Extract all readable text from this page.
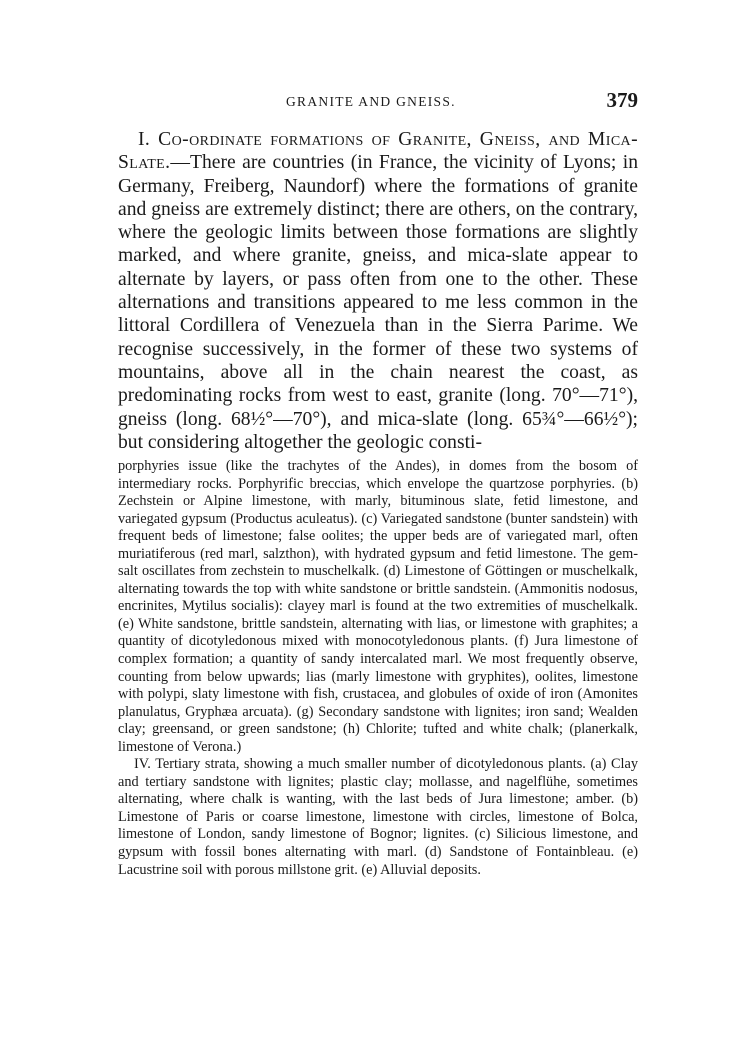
GRANITE AND GNEISS.	379

I. Co-ordinate formations of Granite, Gneiss, and Mica-Slate.—There are countries (in France, the vicinity of Lyons; in Germany, Freiberg, Naundorf) where the formations of granite and gneiss are extremely distinct; there are others, on the contrary, where the geologic limits between those formations are slightly marked, and where granite, gneiss, and mica-slate appear to alternate by layers, or pass often from one to the other. These alternations and transitions appeared to me less common in the littoral Cordillera of Venezuela than in the Sierra Parime. We recognise successively, in the former of these two systems of mountains, above all in the chain nearest the coast, as predominating rocks from west to east, granite (long. 70°—71°), gneiss (long. 68½°—70°), and mica-slate (long. 65¾°—66½°); but considering altogether the geologic consti-

porphyries issue (like the trachytes of the Andes), in domes from the bosom of intermediary rocks. Porphyrific breccias, which envelope the quartzose porphyries. (b) Zechstein or Alpine limestone, with marly, bituminous slate, fetid limestone, and variegated gypsum (Productus aculeatus). (c) Variegated sandstone (bunter sandstein) with frequent beds of limestone; false oolites; the upper beds are of variegated marl, often muriatiferous (red marl, salzthon), with hydrated gypsum and fetid limestone. The gem-salt oscillates from zechstein to muschelkalk. (d) Limestone of Göttingen or muschelkalk, alternating towards the top with white sandstone or brittle sandstein. (Ammonitis nodosus, encrinites, Mytilus socialis): clayey marl is found at the two extremities of muschelkalk. (e) White sandstone, brittle sandstein, alternating with lias, or limestone with graphites; a quantity of dicotyledonous mixed with monocotyledonous plants. (f) Jura limestone of complex formation; a quantity of sandy intercalated marl. We most frequently observe, counting from below upwards; lias (marly limestone with gryphites), oolites, limestone with polypi, slaty limestone with fish, crustacea, and globules of oxide of iron (Amonites planulatus, Gryphæa arcuata). (g) Secondary sandstone with lignites; iron sand; Wealden clay; greensand, or green sandstone; (h) Chlorite; tufted and white chalk; (planerkalk, limestone of Verona.)

IV. Tertiary strata, showing a much smaller number of dicotyledonous plants. (a) Clay and tertiary sandstone with lignites; plastic clay; mollasse, and nagelflühe, sometimes alternating, where chalk is wanting, with the last beds of Jura limestone; amber. (b) Limestone of Paris or coarse limestone, limestone with circles, limestone of Bolca, limestone of London, sandy limestone of Bognor; lignites. (c) Silicious limestone, and gypsum with fossil bones alternating with marl. (d) Sandstone of Fontainbleau. (e) Lacustrine soil with porous millstone grit. (e) Alluvial deposits.
